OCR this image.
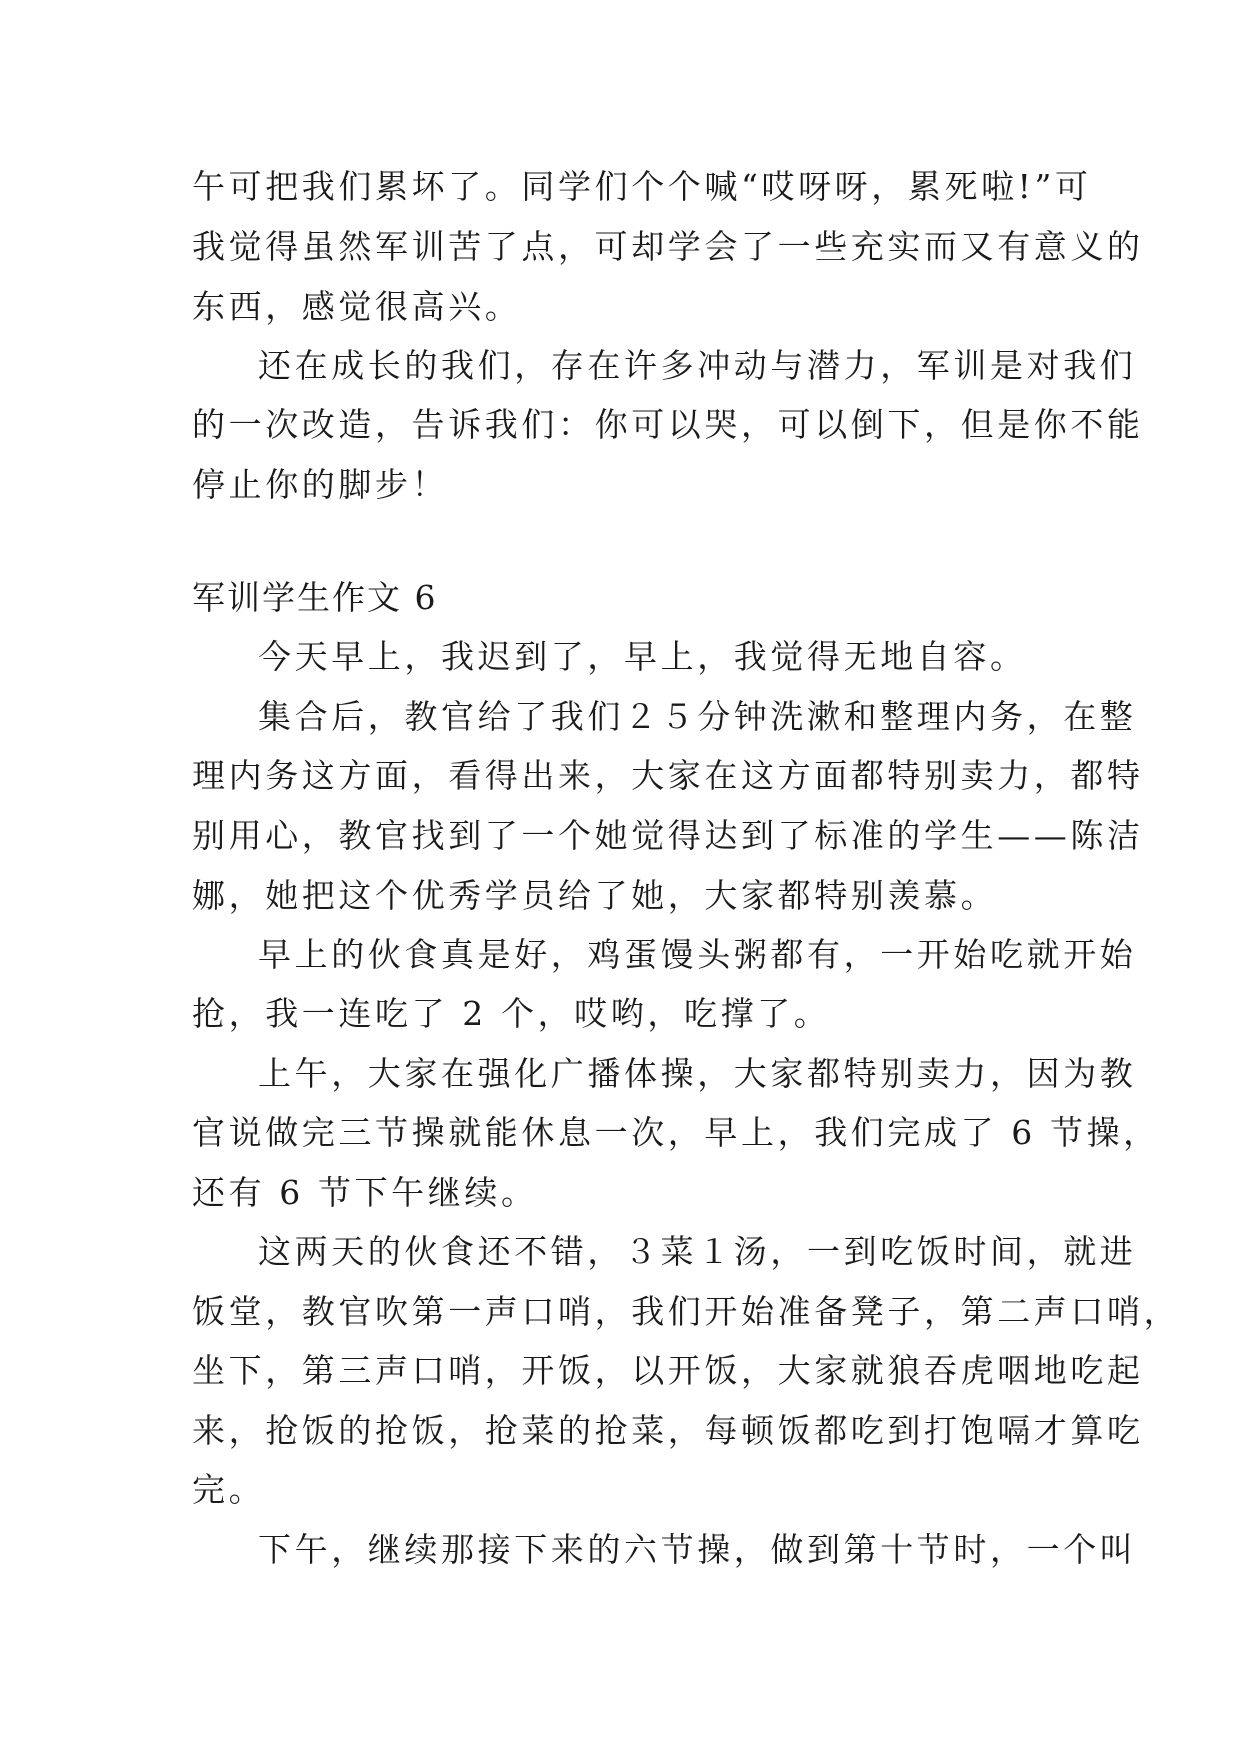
午可把我们累坏了。同学们个个喊“哎呀呀，累死啦!”可
我觉得虽然军训苦了点，可却学会了一些充实而又有意义的
东西，感觉很高兴。
还在成长的我们，存在许多冲动与潜力，军训是对我们
的一次改造，告诉我们：你可以哭，可以倒下，但是你不能
停止你的脚步！
军训学生作文 6
今天早上，我迟到了，早上，我觉得无地自容。
集合后，教官给了我们２５分钟洗漱和整理内务，在整
理内务这方面，看得出来，大家在这方面都特别卖力，都特
别用心，教官找到了一个她觉得达到了标准的学生——陈洁
娜，她把这个优秀学员给了她，大家都特别羡慕。
早上的伙食真是好，鸡蛋馒头粥都有，一开始吃就开始
抢，我一连吃了 2 个，哎哟，吃撑了。
上午，大家在强化广播体操，大家都特别卖力，因为教
官说做完三节操就能休息一次，早上，我们完成了 6 节操，
还有 6 节下午继续。
这两天的伙食还不错，３菜１汤，一到吃饭时间，就进
饭堂，教官吹第一声口哨，我们开始准备凳子，第二声口哨，
坐下，第三声口哨，开饭，以开饭，大家就狼吞虎咽地吃起
来，抢饭的抢饭，抢菜的抢菜，每顿饭都吃到打饱嗝才算吃
完。
下午，继续那接下来的六节操，做到第十节时，一个叫
